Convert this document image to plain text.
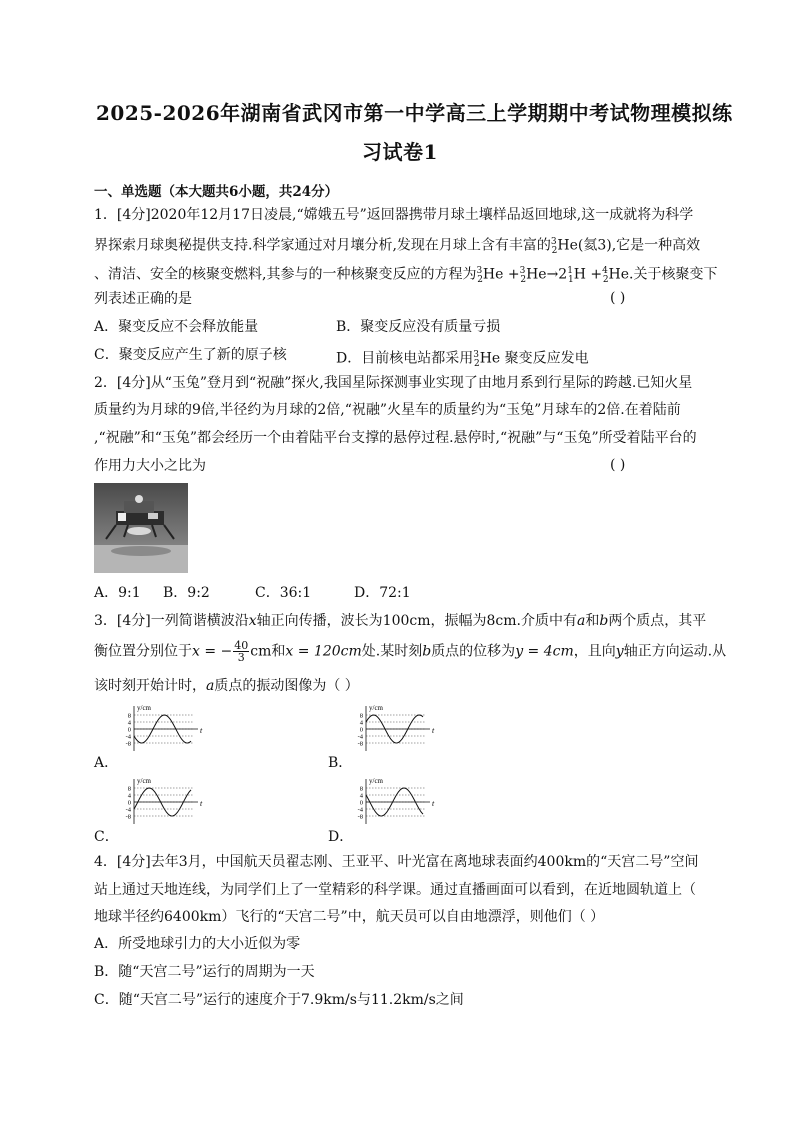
2025-2026年湖南省武冈市第一中学高三上学期期中考试物理模拟练
习试卷1
一、单选题（本大题共6小题，共24分）
1．[4分]2020年12月17日凌晨,“嫦娥五号”返回器携带月球土壤样品返回地球,这一成就将为科学
界探索月球奥秘提供支持.科学家通过对月壤分析,发现在月球上含有丰富的$^3_2$He(氦3),它是一种高效
、清洁、安全的核聚变燃料,其参与的一种核聚变反应的方程为$^3_2He +^3_2He\to 2^1_1H +^4_2He$.关于核聚变下
列表述正确的是	( )
A．聚变反应不会释放能量	B．聚变反应没有质量亏损
C．聚变反应产生了新的原子核	D．目前核电站都采用$^3_2$He 聚变反应发电
2．[4分]从“玉兔”登月到“祝融”探火,我国星际探测事业实现了由地月系到行星际的跨越.已知火星
质量约为月球的9倍,半径约为月球的2倍,“祝融”火星车的质量约为“玉兔”月球车的2倍.在着陆前
,“祝融”和“玉兔”都会经历一个由着陆平台支撑的悬停过程.悬停时,“祝融”与“玉兔”所受着陆平台的
作用力大小之比为	( )
A．9:1 B．9:2	C．36:1	D．72:1
3．[4分]一列简谐横波沿x轴正向传播，波长为100cm，振幅为8cm.介质中有a和b两个质点，其平
衡位置分别位于x = − $\frac{40}{3}$ cm和x = 120cm处.某时刻b质点的位移为y = 4cm，且向y轴正方向运动.从
该时刻开始计时，a质点的振动图像为（ ）
y/cm
t
8
4
0
-4
-8
A．
y/cm
t
8
4
0
-4
-8
B．
y/cm
t
8
4
0
-4
-8
C．
y/cm
t
8
4
0
-4
-8
D．
4．[4分]去年3月，中国航天员翟志刚、王亚平、叶光富在离地球表面约400km的“天宫二号”空间
站上通过天地连线，为同学们上了一堂精彩的科学课。通过直播画面可以看到，在近地圆轨道上（
地球半径约6400km）飞行的“天宫二号”中，航天员可以自由地漂浮，则他们（ ）
A．所受地球引力的大小近似为零
B．随“天宫二号”运行的周期为一天
C．随“天宫二号”运行的速度介于7.9km/s与11.2km/s之间
